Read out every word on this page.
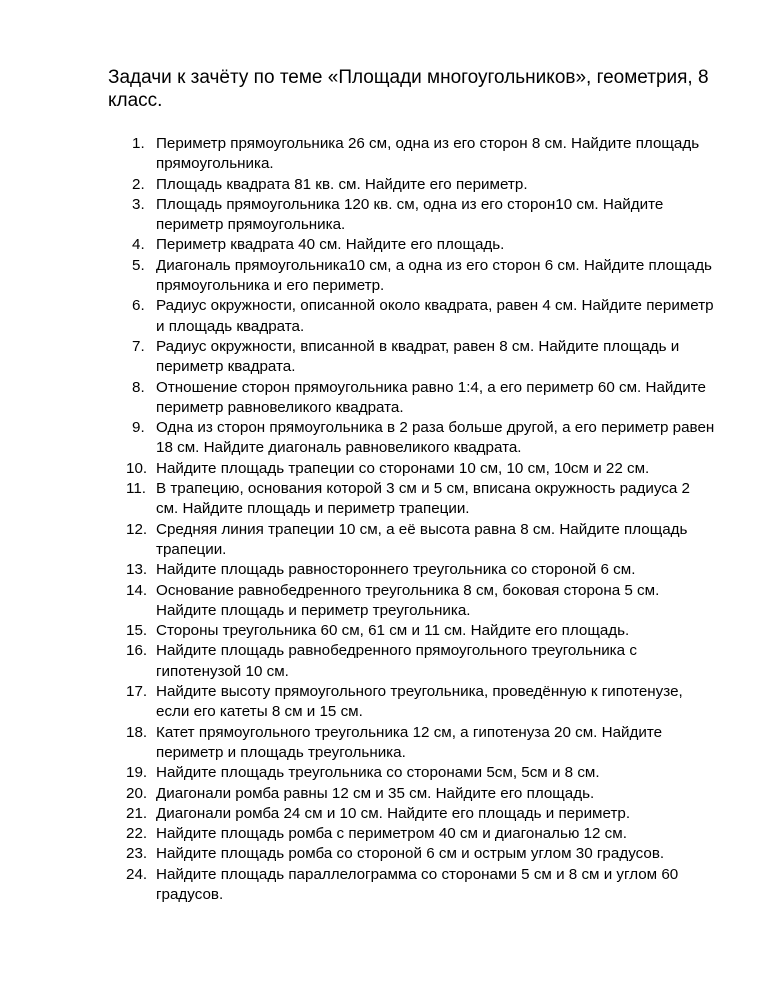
Задачи к зачёту по теме «Площади многоугольников», геометрия, 8 класс.
1. Периметр прямоугольника 26 см, одна из его сторон 8 см. Найдите площадь прямоугольника.
2. Площадь квадрата 81 кв. см. Найдите его периметр.
3. Площадь прямоугольника 120 кв. см, одна из его сторон10 см. Найдите периметр прямоугольника.
4. Периметр квадрата 40 см. Найдите его площадь.
5. Диагональ прямоугольника10 см, а одна из его сторон 6 см. Найдите площадь прямоугольника и его периметр.
6. Радиус окружности, описанной около квадрата, равен 4 см. Найдите периметр и площадь квадрата.
7. Радиус окружности, вписанной в квадрат, равен 8 см. Найдите площадь и периметр квадрата.
8. Отношение сторон прямоугольника равно 1:4, а его периметр 60 см. Найдите периметр равновеликого квадрата.
9. Одна из сторон прямоугольника в 2 раза больше другой, а его периметр равен 18 см. Найдите диагональ равновеликого квадрата.
10. Найдите площадь трапеции со сторонами 10 см, 10 см, 10см и 22 см.
11. В трапецию, основания которой 3 см и 5 см, вписана окружность радиуса 2 см. Найдите площадь и периметр трапеции.
12. Средняя линия трапеции 10 см, а её высота равна 8 см. Найдите площадь трапеции.
13. Найдите площадь равностороннего треугольника со стороной 6 см.
14. Основание равнобедренного треугольника 8 см, боковая сторона 5 см. Найдите площадь и периметр треугольника.
15. Стороны треугольника 60 см, 61 см и 11 см. Найдите его площадь.
16. Найдите площадь равнобедренного прямоугольного треугольника с гипотенузой 10 см.
17. Найдите высоту прямоугольного треугольника, проведённую к гипотенузе, если его катеты 8 см и 15 см.
18. Катет прямоугольного треугольника 12 см, а гипотенуза 20 см. Найдите периметр и площадь треугольника.
19. Найдите площадь треугольника со сторонами 5см, 5см и 8 см.
20. Диагонали ромба равны 12 см и 35 см. Найдите его площадь.
21. Диагонали ромба 24 см и 10 см. Найдите его площадь и периметр.
22. Найдите площадь ромба с периметром 40 см и диагональю 12 см.
23. Найдите площадь ромба со стороной 6 см и острым углом 30 градусов.
24. Найдите площадь параллелограмма со сторонами 5 см и 8 см и углом 60 градусов.
